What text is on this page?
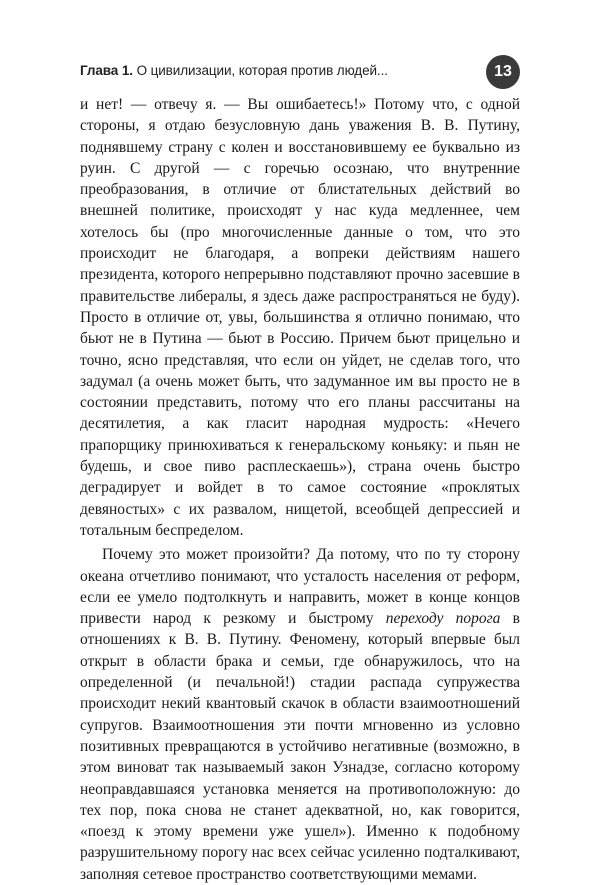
Глава 1. О цивилизации, которая против людей...	13

и нет! — отвечу я. — Вы ошибаетесь!» Потому что, с одной стороны, я отдаю безусловную дань уважения В. В. Путину, поднявшему страну с колен и восстановившему ее буквально из руин. С другой — с горечью осознаю, что внутренние преобразования, в отличие от блистательных действий во внешней политике, происходят у нас куда медленнее, чем хотелось бы (про многочисленные данные о том, что это происходит не благодаря, а вопреки действиям нашего президента, которого непрерывно подставляют прочно засевшие в правительстве либералы, я здесь даже распространяться не буду). Просто в отличие от, увы, большинства я отлично понимаю, что бьют не в Путина — бьют в Россию. Причем бьют прицельно и точно, ясно представляя, что если он уйдет, не сделав того, что задумал (а очень может быть, что задуманное им вы просто не в состоянии представить, потому что его планы рассчитаны на десятилетия, а как гласит народная мудрость: «Нечего прапорщику принюхиваться к генеральскому коньяку: и пьян не будешь, и свое пиво расплескаешь»), страна очень быстро деградирует и войдет в то самое состояние «проклятых девяностых» с их развалом, нищетой, всеобщей депрессией и тотальным беспределом.

Почему это может произойти? Да потому, что по ту сторону океана отчетливо понимают, что усталость населения от реформ, если ее умело подтолкнуть и направить, может в конце концов привести народ к резкому и быстрому переходу порога в отношениях к В. В. Путину. Феномену, который впервые был открыт в области брака и семьи, где обнаружилось, что на определенной (и печальной!) стадии распада супружества происходит некий квантовый скачок в области взаимоотношений супругов. Взаимоотношения эти почти мгновенно из условно позитивных превращаются в устойчиво негативные (возможно, в этом виноват так называемый закон Узнадзе, согласно которому неоправдавшаяся установка меняется на противоположную: до тех пор, пока снова не станет адекватной, но, как говорится, «поезд к этому времени уже ушел»). Именно к подобному разрушительному порогу нас всех сейчас усиленно подталкивают, заполняя сетевое пространство соответствующими мемами.
